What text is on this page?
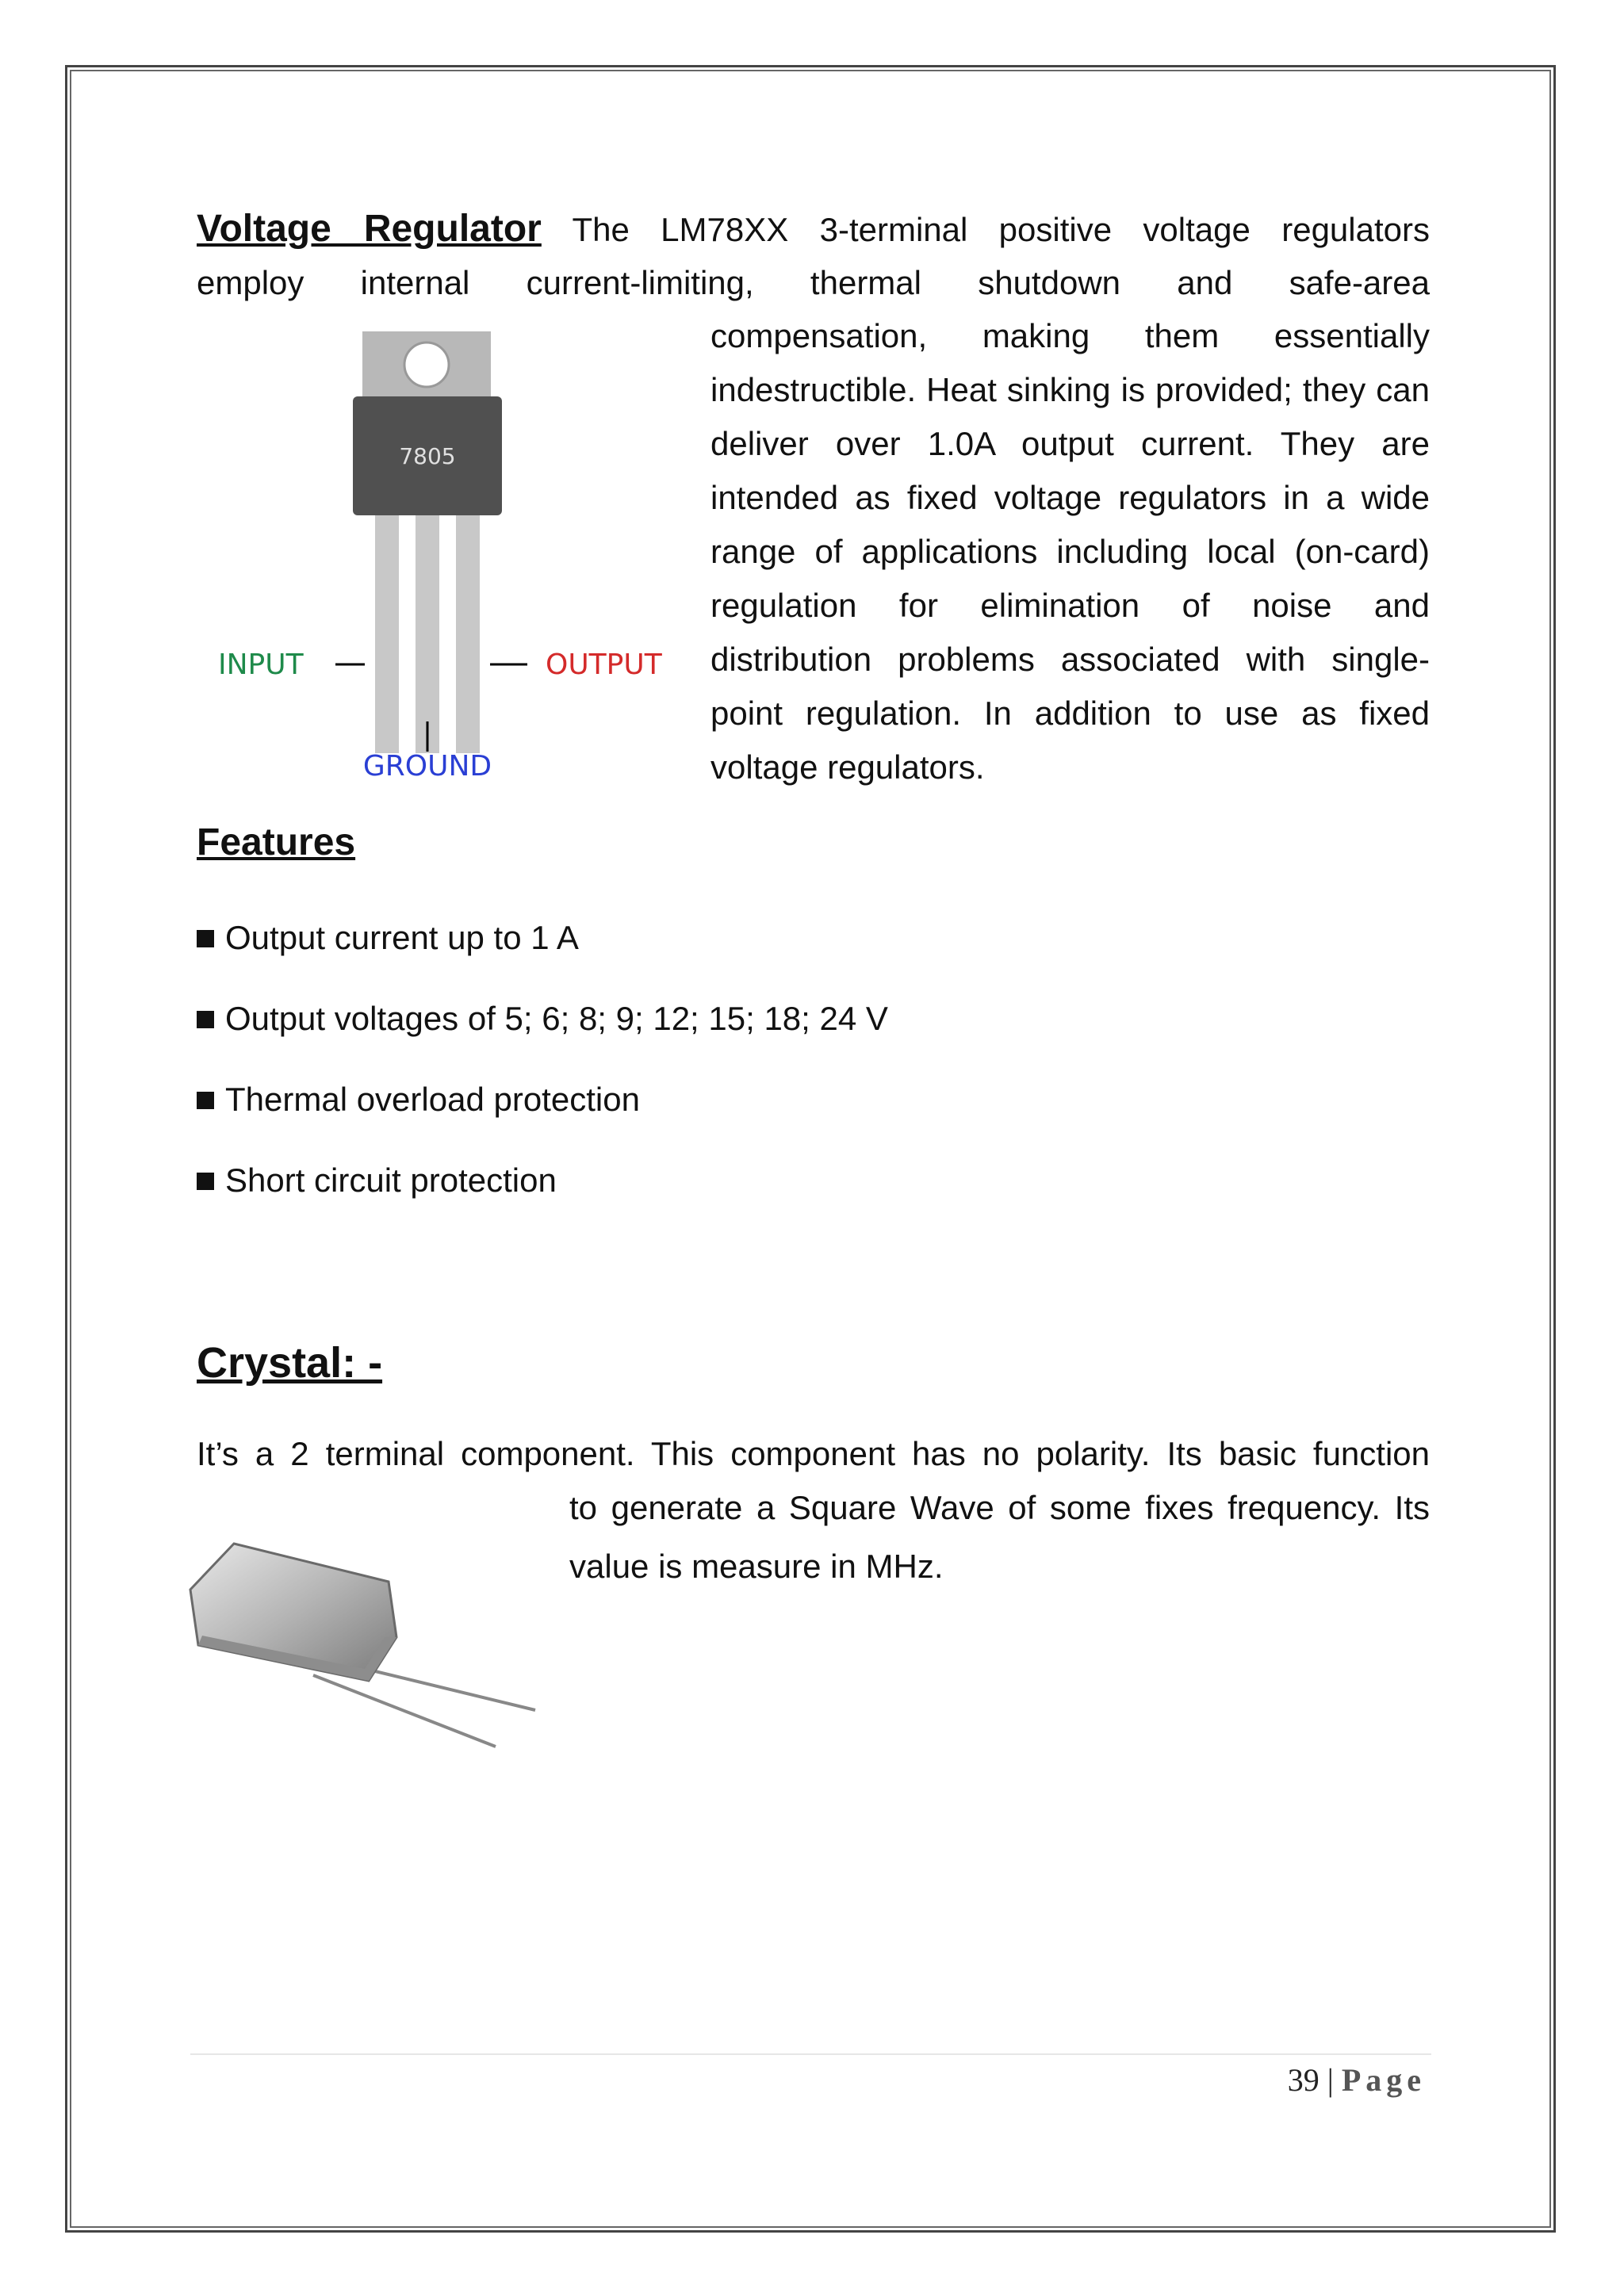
Voltage Regulator The LM78XX 3-terminal positive voltage regulators
employ internal current-limiting, thermal shutdown and safe-area
compensation, making them essentially indestructible. Heat sinking is provided; they can deliver over 1.0A output current. They are intended as fixed voltage regulators in a wide range of applications including local (on-card) regulation for elimination of noise and distribution problems associated with single-point regulation. In addition to use as fixed voltage regulators.
7805
INPUT	OUTPUT
GROUND
Features
Output current up to 1 A
Output voltages of 5; 6; 8; 9; 12; 15; 18; 24 V
Thermal overload protection
Short circuit protection
Crystal: -
It’s a 2 terminal component. This component has no polarity. Its basic function
to generate a Square Wave of some fixes frequency. Its
value is measure in MHz.
39 | Page
